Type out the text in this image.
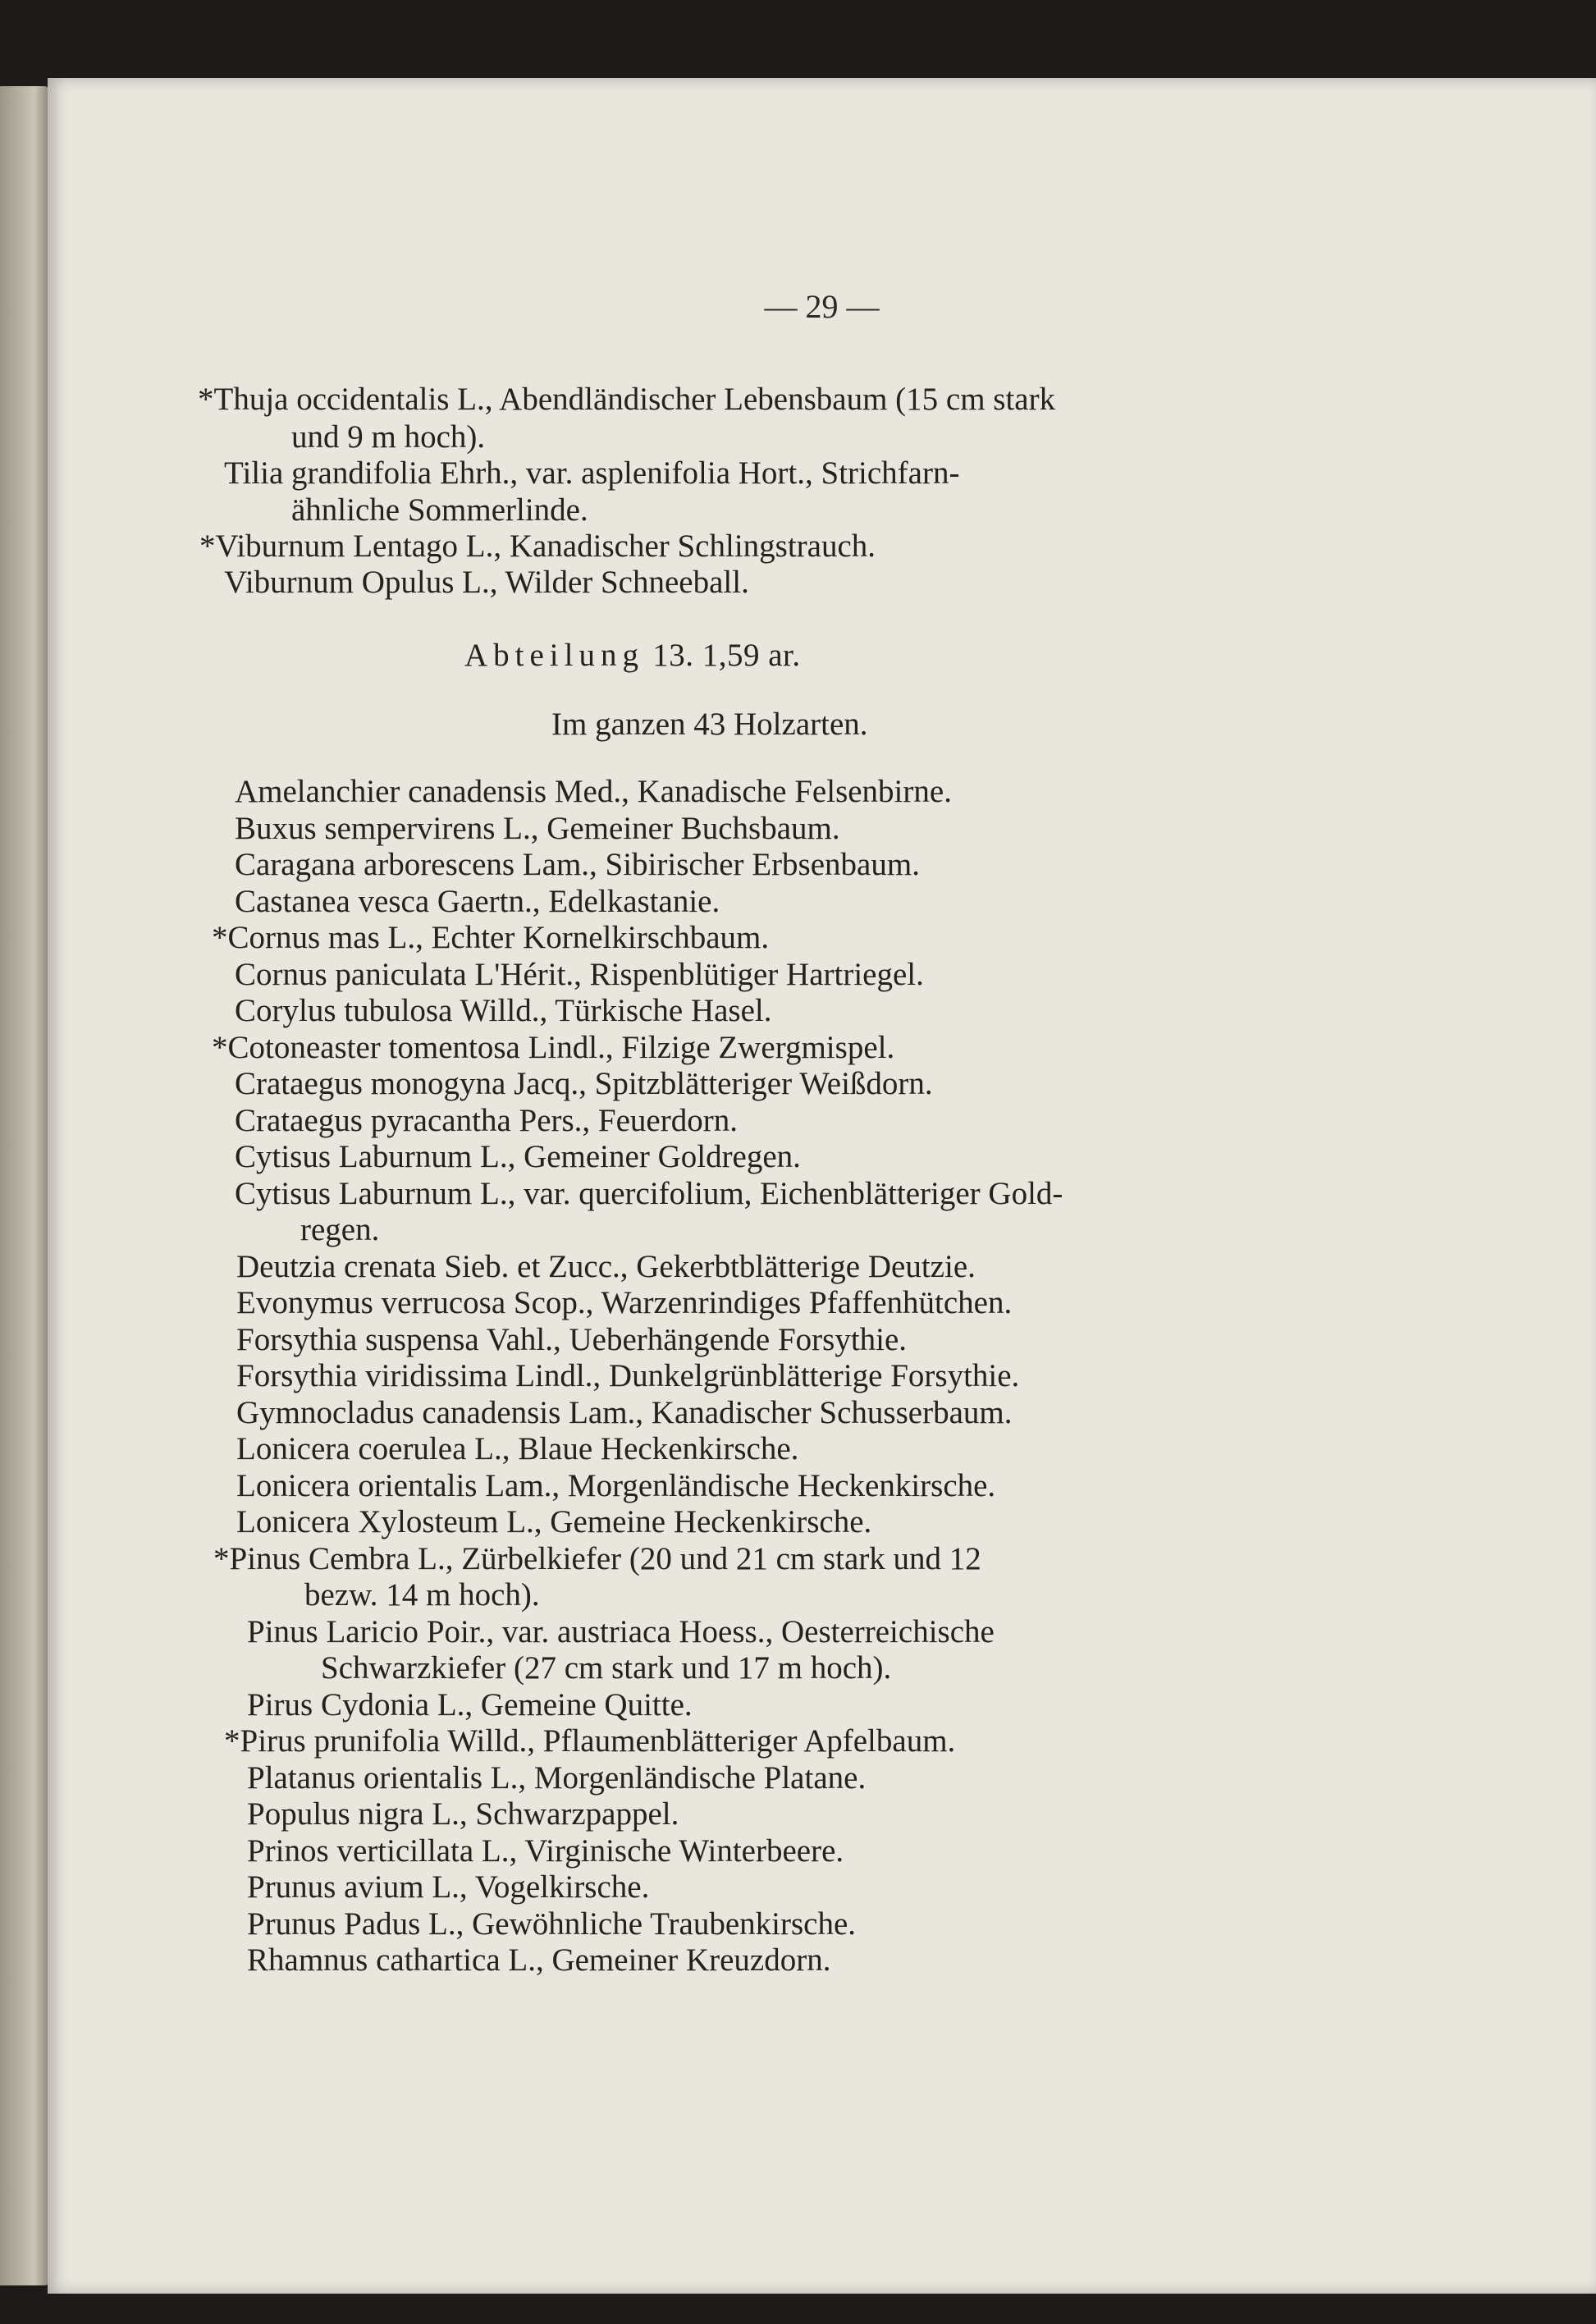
— 29 —
*Thuja occidentalis L., Abendländischer Lebensbaum (15 cm stark
und 9 m hoch).
Tilia grandifolia Ehrh., var. asplenifolia Hort., Strichfarn-
ähnliche Sommerlinde.
*Viburnum Lentago L., Kanadischer Schlingstrauch.
Viburnum Opulus L., Wilder Schneeball.
Abteilung 13. 1,59 ar.
Im ganzen 43 Holzarten.
Amelanchier canadensis Med., Kanadische Felsenbirne.
Buxus sempervirens L., Gemeiner Buchsbaum.
Caragana arborescens Lam., Sibirischer Erbsenbaum.
Castanea vesca Gaertn., Edelkastanie.
*Cornus mas L., Echter Kornelkirschbaum.
Cornus paniculata L'Hérit., Rispenblütiger Hartriegel.
Corylus tubulosa Willd., Türkische Hasel.
*Cotoneaster tomentosa Lindl., Filzige Zwergmispel.
Crataegus monogyna Jacq., Spitzblätteriger Weißdorn.
Crataegus pyracantha Pers., Feuerdorn.
Cytisus Laburnum L., Gemeiner Goldregen.
Cytisus Laburnum L., var. quercifolium, Eichenblätteriger Gold-
regen.
Deutzia crenata Sieb. et Zucc., Gekerbtblätterige Deutzie.
Evonymus verrucosa Scop., Warzenrindiges Pfaffenhütchen.
Forsythia suspensa Vahl., Ueberhängende Forsythie.
Forsythia viridissima Lindl., Dunkelgrünblätterige Forsythie.
Gymnocladus canadensis Lam., Kanadischer Schusserbaum.
Lonicera coerulea L., Blaue Heckenkirsche.
Lonicera orientalis Lam., Morgenländische Heckenkirsche.
Lonicera Xylosteum L., Gemeine Heckenkirsche.
*Pinus Cembra L., Zürbelkiefer (20 und 21 cm stark und 12
bezw. 14 m hoch).
Pinus Laricio Poir., var. austriaca Hoess., Oesterreichische
Schwarzkiefer (27 cm stark und 17 m hoch).
Pirus Cydonia L., Gemeine Quitte.
*Pirus prunifolia Willd., Pflaumenblätteriger Apfelbaum.
Platanus orientalis L., Morgenländische Platane.
Populus nigra L., Schwarzpappel.
Prinos verticillata L., Virginische Winterbeere.
Prunus avium L., Vogelkirsche.
Prunus Padus L., Gewöhnliche Traubenkirsche.
Rhamnus cathartica L., Gemeiner Kreuzdorn.
